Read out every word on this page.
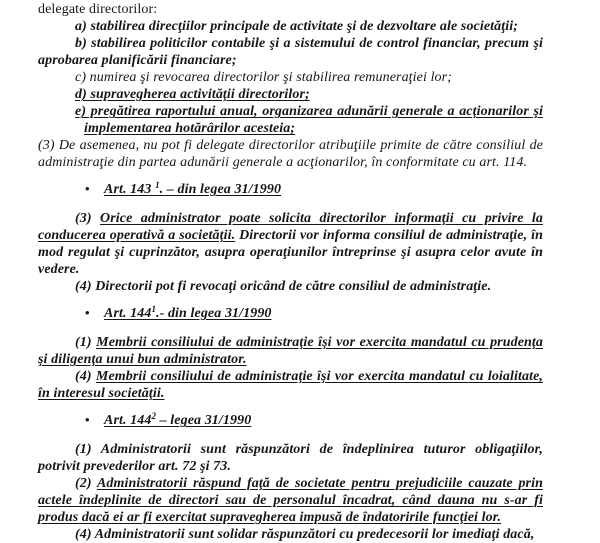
delegate directorilor:

a) stabilirea direcţiilor principale de activitate şi de dezvoltare ale societăţii;

b) stabilirea politicilor contabile şi a sistemului de control financiar, precum şi aprobarea planificării financiare;

c) numirea şi revocarea directorilor şi stabilirea remuneraţiei lor;

d) supravegherea activităţii directorilor;

e) pregătirea raportului anual, organizarea adunării generale a acţionarilor şi implementarea hotărârilor acesteia;

(3) De asemenea, nu pot fi delegate directorilor atribuţiile primite de către consiliul de administraţie din partea adunării generale a acţionarilor, în conformitate cu art. 114.

• Art. 143 $^1$. – din legea 31/1990

(3) Orice administrator poate solicita directorilor informaţii cu privire la conducerea operativă a societăţii. Directorii vor informa consiliul de administraţie, în mod regulat şi cuprinzător, asupra operaţiunilor întreprinse şi asupra celor avute în vedere.

(4) Directorii pot fi revocaţi oricând de către consiliul de administraţie.

• Art. $144^1.-$ din legea 31/1990

(1) Membrii consiliului de administraţie îşi vor exercita mandatul cu prudenţa şi diligenţa unui bun administrator.

(4) Membrii consiliului de administraţie îşi vor exercita mandatul cu loialitate, în interesul societăţii.

• Art. $144^2$ – legea 31/1990

(1) Administratorii sunt răspunzători de îndeplinirea tuturor obligaţiilor, potrivit prevederilor art. 72 şi 73.

(2) Administratorii răspund faţă de societate pentru prejudiciile cauzate prin actele îndeplinite de directori sau de personalul încadrat, când dauna nu s-ar fi produs dacă ei ar fi exercitat supravegherea impusă de îndatoririle funcţiei lor.

(4) Administratorii sunt solidar răspunzători cu predecesorii lor imediaţi dacă,
